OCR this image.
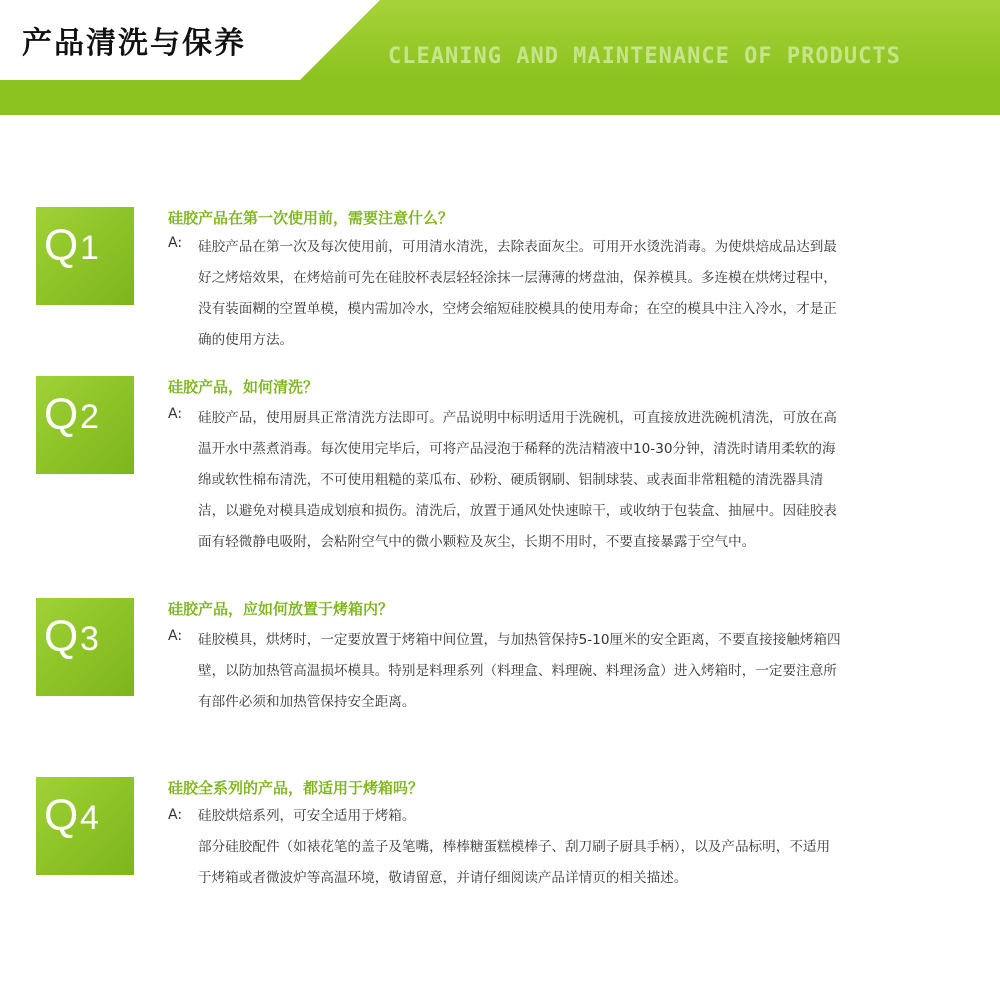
产品清洗与保养	CLEANING AND MAINTENANCE OF PRODUCTS
Q 1
硅胶产品在第一次使用前，需要注意什么？
A: 硅胶产品在第一次及每次使用前，可用清水清洗，去除表面灰尘。可用开水烫洗消毒。为使烘焙成品达到最
好之烤焙效果，在烤焙前可先在硅胶杯表层轻轻涂抹一层薄薄的烤盘油，保养模具。多连模在烘烤过程中，
没有装面糊的空置单模，模内需加冷水，空烤会缩短硅胶模具的使用寿命；在空的模具中注入冷水，才是正
确的使用方法。
Q 2
硅胶产品，如何清洗？
A: 硅胶产品，使用厨具正常清洗方法即可。产品说明中标明适用于洗碗机，可直接放进洗碗机清洗，可放在高
温开水中蒸煮消毒。每次使用完毕后，可将产品浸泡于稀释的洗洁精液中10-30分钟，清洗时请用柔软的海
绵或软性棉布清洗，不可使用粗糙的菜瓜布、砂粉、硬质钢刷、铝制球装、或表面非常粗糙的清洗器具清
洁，以避免对模具造成划痕和损伤。清洗后，放置于通风处快速晾干，或收纳于包装盒、抽屉中。因硅胶表
面有轻微静电吸附，会粘附空气中的微小颗粒及灰尘，长期不用时，不要直接暴露于空气中。
Q 3
硅胶产品，应如何放置于烤箱内？
A: 硅胶模具，烘烤时，一定要放置于烤箱中间位置，与加热管保持5-10厘米的安全距离，不要直接接触烤箱四
壁，以防加热管高温损坏模具。特别是料理系列（料理盒、料理碗、料理汤盒）进入烤箱时，一定要注意所
有部件必须和加热管保持安全距离。
Q 4
硅胶全系列的产品，都适用于烤箱吗？
A: 硅胶烘焙系列，可安全适用于烤箱。
部分硅胶配件（如裱花笔的盖子及笔嘴，棒棒糖蛋糕模棒子、刮刀刷子厨具手柄），以及产品标明，不适用
于烤箱或者微波炉等高温环境，敬请留意，并请仔细阅读产品详情页的相关描述。
